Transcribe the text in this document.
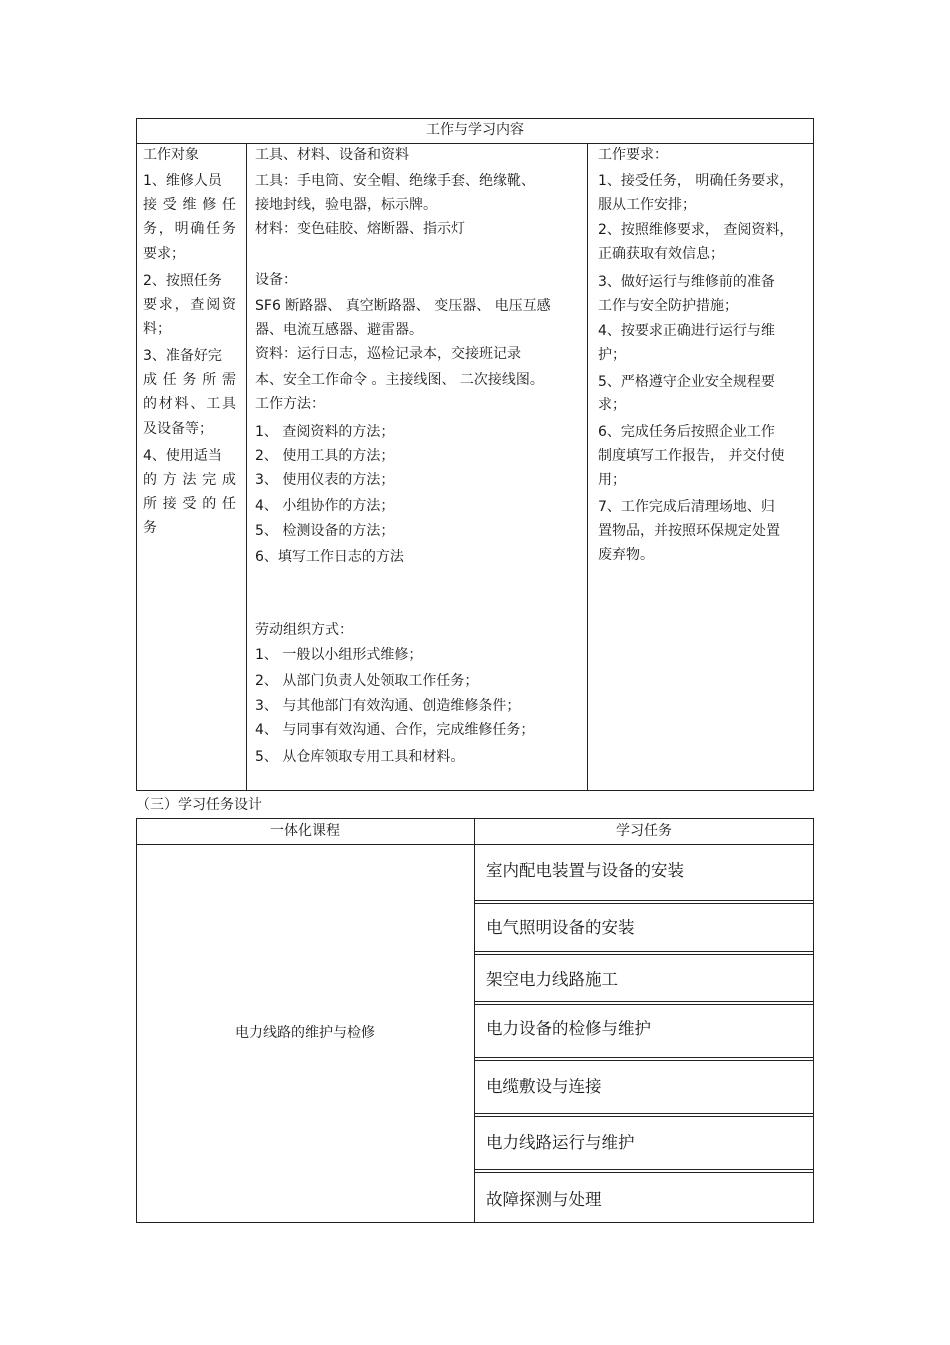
工作与学习内容
工作对象
1、维修人员
接 受 维 修 任
务，明确任务
要求；
2、按照任务
要求，查阅资
料；
3、准备好完
成 任 务 所 需
的材料、工具
及设备等；
4、使用适当
的 方 法 完 成
所 接 受 的 任
务
工具、材料、设备和资料
工具：手电筒、安全帽、绝缘手套、绝缘靴、
接地封线，验电器，标示牌。
材料：变色硅胶、熔断器、指示灯
设备：
SF6 断路器、 真空断路器、 变压器、 电压互感
器、电流互感器、避雷器。
资料：运行日志，巡检记录本，交接班记录
本、安全工作命令 。主接线图、 二次接线图。
工作方法：
1、 查阅资料的方法；
2、 使用工具的方法；
3、 使用仪表的方法；
4、 小组协作的方法；
5、 检测设备的方法；
6、填写工作日志的方法
劳动组织方式：
1、 一般以小组形式维修；
2、 从部门负责人处领取工作任务；
3、 与其他部门有效沟通、创造维修条件；
4、 与同事有效沟通、合作，完成维修任务；
5、 从仓库领取专用工具和材料。
工作要求：
1、接受任务， 明确任务要求，
服从工作安排；
2、按照维修要求， 查阅资料，
正确获取有效信息；
3、做好运行与维修前的准备
工作与安全防护措施；
4、按要求正确进行运行与维
护；
5、严格遵守企业安全规程要
求；
6、完成任务后按照企业工作
制度填写工作报告， 并交付使
用；
7、工作完成后清理场地、归
置物品，并按照环保规定处置
废弃物。
（三）学习任务设计
一体化课程	学习任务
电力线路的维护与检修
室内配电装置与设备的安装
电气照明设备的安装
架空电力线路施工
电力设备的检修与维护
电缆敷设与连接
电力线路运行与维护
故障探测与处理
